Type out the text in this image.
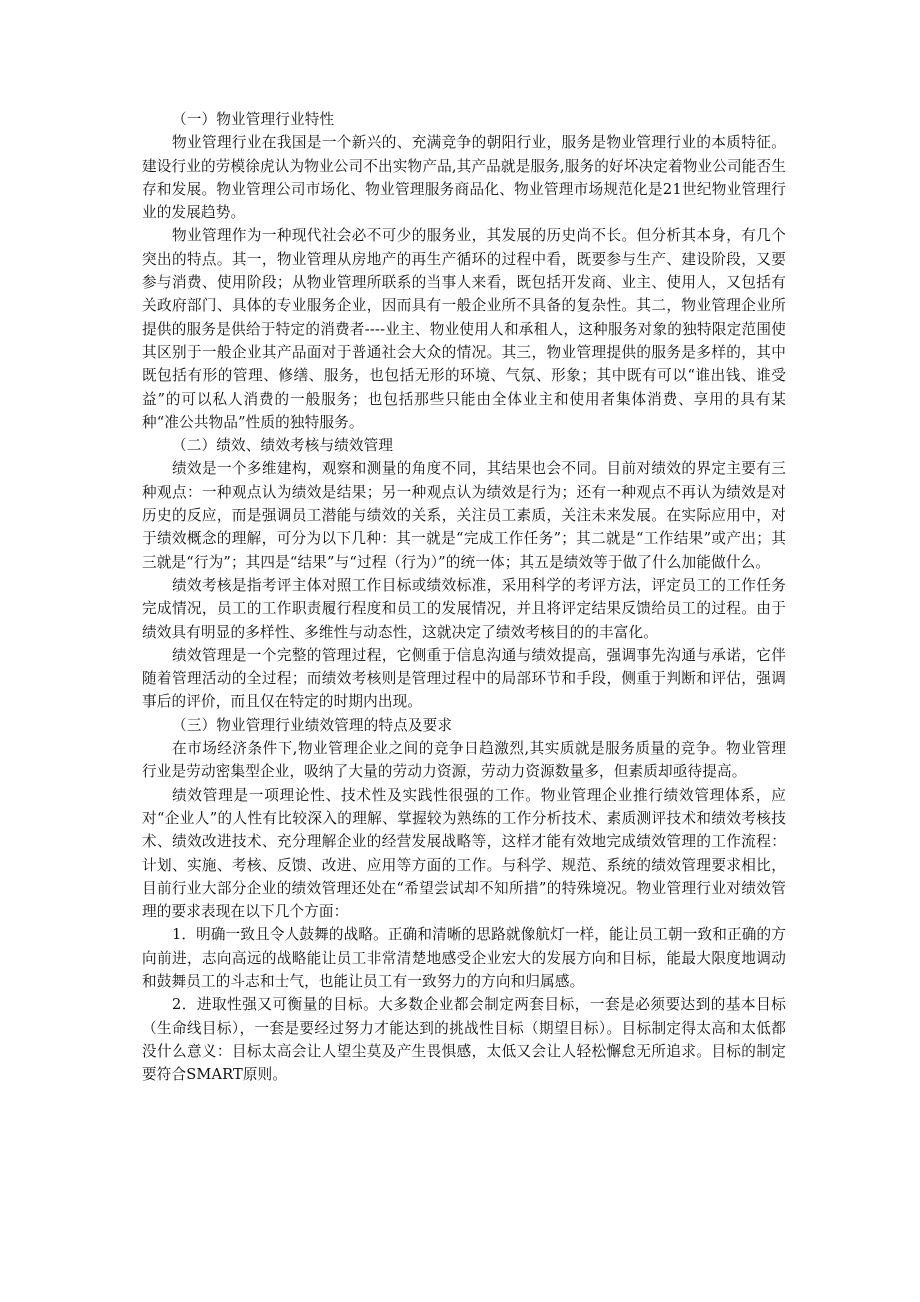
（一）物业管理行业特性

物业管理行业在我国是一个新兴的、充满竞争的朝阳行业，服务是物业管理行业的本质特征。建设行业的劳模徐虎认为物业公司不出实物产品,其产品就是服务,服务的好坏决定着物业公司能否生存和发展。物业管理公司市场化、物业管理服务商品化、物业管理市场规范化是21世纪物业管理行业的发展趋势。

物业管理作为一种现代社会必不可少的服务业，其发展的历史尚不长。但分析其本身，有几个突出的特点。其一，物业管理从房地产的再生产循环的过程中看，既要参与生产、建设阶段，又要参与消费、使用阶段；从物业管理所联系的当事人来看，既包括开发商、业主、使用人，又包括有关政府部门、具体的专业服务企业，因而具有一般企业所不具备的复杂性。其二，物业管理企业所提供的服务是供给于特定的消费者----业主、物业使用人和承租人，这种服务对象的独特限定范围使其区别于一般企业其产品面对于普通社会大众的情况。其三，物业管理提供的服务是多样的，其中既包括有形的管理、修缮、服务，也包括无形的环境、气氛、形象；其中既有可以“谁出钱、谁受益”的可以私人消费的一般服务；也包括那些只能由全体业主和使用者集体消费、享用的具有某种“准公共物品”性质的独特服务。

（二）绩效、绩效考核与绩效管理

绩效是一个多维建构，观察和测量的角度不同，其结果也会不同。目前对绩效的界定主要有三种观点：一种观点认为绩效是结果；另一种观点认为绩效是行为；还有一种观点不再认为绩效是对历史的反应，而是强调员工潜能与绩效的关系，关注员工素质，关注未来发展。在实际应用中，对于绩效概念的理解，可分为以下几种：其一就是“完成工作任务”；其二就是“工作结果”或产出；其三就是“行为”；其四是“结果”与“过程（行为）”的统一体；其五是绩效等于做了什么加能做什么。

绩效考核是指考评主体对照工作目标或绩效标准，采用科学的考评方法，评定员工的工作任务完成情况，员工的工作职责履行程度和员工的发展情况，并且将评定结果反馈给员工的过程。由于绩效具有明显的多样性、多维性与动态性，这就决定了绩效考核目的的丰富化。

绩效管理是一个完整的管理过程，它侧重于信息沟通与绩效提高，强调事先沟通与承诺，它伴随着管理活动的全过程；而绩效考核则是管理过程中的局部环节和手段，侧重于判断和评估，强调事后的评价，而且仅在特定的时期内出现。

（三）物业管理行业绩效管理的特点及要求

在市场经济条件下,物业管理企业之间的竞争日趋激烈,其实质就是服务质量的竞争。物业管理行业是劳动密集型企业，吸纳了大量的劳动力资源，劳动力资源数量多，但素质却亟待提高。

绩效管理是一项理论性、技术性及实践性很强的工作。物业管理企业推行绩效管理体系，应对“企业人”的人性有比较深入的理解、掌握较为熟练的工作分析技术、素质测评技术和绩效考核技术、绩效改进技术、充分理解企业的经营发展战略等，这样才能有效地完成绩效管理的工作流程：计划、实施、考核、反馈、改进、应用等方面的工作。与科学、规范、系统的绩效管理要求相比，目前行业大部分企业的绩效管理还处在“希望尝试却不知所措”的特殊境况。物业管理行业对绩效管理的要求表现在以下几个方面：

1．明确一致且令人鼓舞的战略。正确和清晰的思路就像航灯一样，能让员工朝一致和正确的方向前进，志向高远的战略能让员工非常清楚地感受企业宏大的发展方向和目标，能最大限度地调动和鼓舞员工的斗志和士气，也能让员工有一致努力的方向和归属感。

2．进取性强又可衡量的目标。大多数企业都会制定两套目标，一套是必须要达到的基本目标（生命线目标），一套是要经过努力才能达到的挑战性目标（期望目标）。目标制定得太高和太低都没什么意义：目标太高会让人望尘莫及产生畏惧感，太低又会让人轻松懈怠无所追求。目标的制定要符合SMART原则。
